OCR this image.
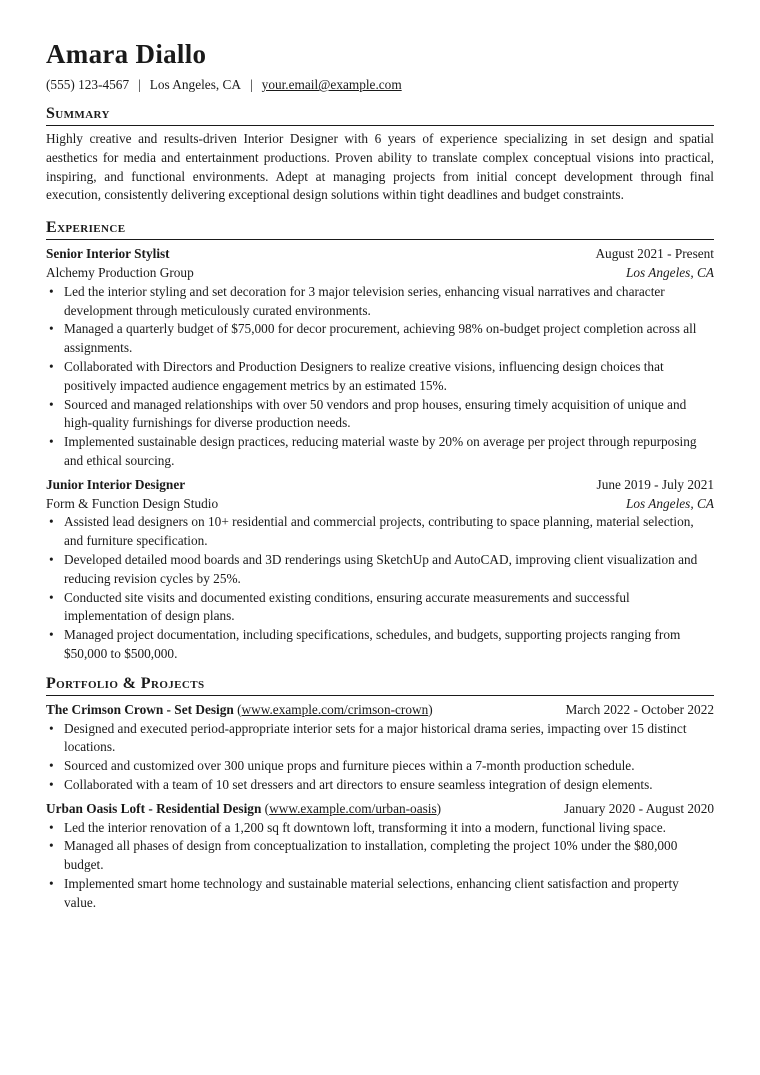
Amara Diallo
(555) 123-4567 | Los Angeles, CA | your.email@example.com
Summary

Highly creative and results-driven Interior Designer with 6 years of experience specializing in set design and spatial aesthetics for media and entertainment productions. Proven ability to translate complex conceptual visions into practical, inspiring, and functional environments. Adept at managing projects from initial concept development through final execution, consistently delivering exceptional design solutions within tight deadlines and budget constraints.

Experience
Senior Interior Stylist	August 2021 - Present
Alchemy Production Group	Los Angeles, CA
• Led the interior styling and set decoration for 3 major television series, enhancing visual narratives and character development through meticulously curated environments.
• Managed a quarterly budget of $75,000 for decor procurement, achieving 98% on-budget project completion across all assignments.
• Collaborated with Directors and Production Designers to realize creative visions, influencing design choices that positively impacted audience engagement metrics by an estimated 15%.
• Sourced and managed relationships with over 50 vendors and prop houses, ensuring timely acquisition of unique and high-quality furnishings for diverse production needs.
• Implemented sustainable design practices, reducing material waste by 20% on average per project through repurposing and ethical sourcing.
Junior Interior Designer	June 2019 - July 2021
Form & Function Design Studio	Los Angeles, CA
• Assisted lead designers on 10+ residential and commercial projects, contributing to space planning, material selection, and furniture specification.
• Developed detailed mood boards and 3D renderings using SketchUp and AutoCAD, improving client visualization and reducing revision cycles by 25%.
• Conducted site visits and documented existing conditions, ensuring accurate measurements and successful implementation of design plans.
• Managed project documentation, including specifications, schedules, and budgets, supporting projects ranging from $50,000 to $500,000.
Portfolio & Projects
The Crimson Crown - Set Design (www.example.com/crimson-crown)	March 2022 - October 2022
• Designed and executed period-appropriate interior sets for a major historical drama series, impacting over 15 distinct locations.
• Sourced and customized over 300 unique props and furniture pieces within a 7-month production schedule.
• Collaborated with a team of 10 set dressers and art directors to ensure seamless integration of design elements.
Urban Oasis Loft - Residential Design (www.example.com/urban-oasis)	January 2020 - August 2020
• Led the interior renovation of a 1,200 sq ft downtown loft, transforming it into a modern, functional living space.
• Managed all phases of design from conceptualization to installation, completing the project 10% under the $80,000 budget.
• Implemented smart home technology and sustainable material selections, enhancing client satisfaction and property value.
